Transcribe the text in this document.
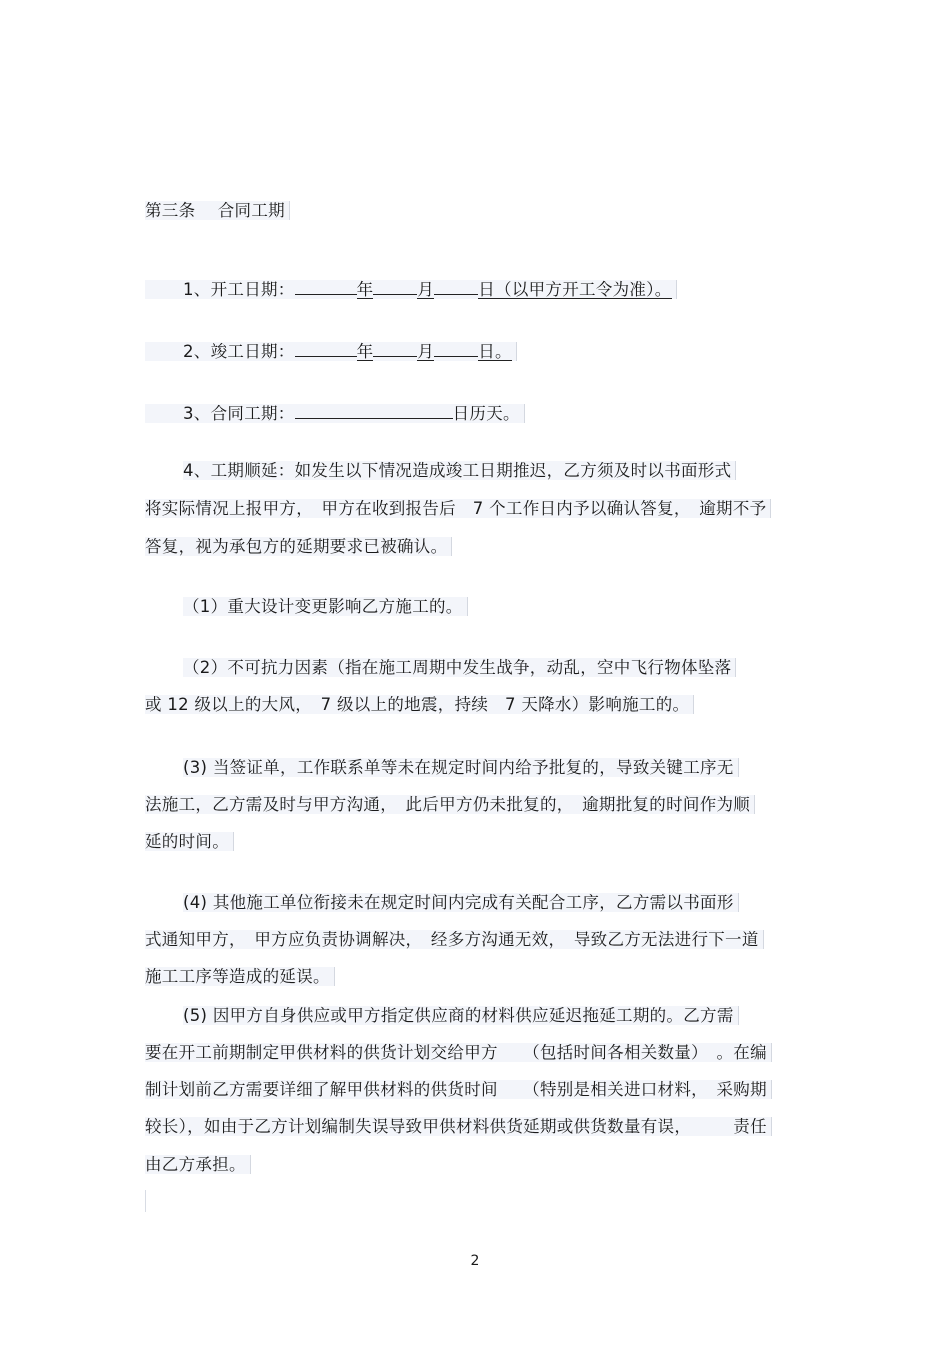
第三条　 合同工期
1、开工日期：	年	月	日（以甲方开工令为准）。
2、竣工日期：	年	月	日。
3、合同工期：	日历天。
4、工期顺延：如发生以下情况造成竣工日期推迟，乙方须及时以书面形式
将实际情况上报甲方，　甲方在收到报告后　7 个工作日内予以确认答复，　逾期不予
答复，视为承包方的延期要求已被确认。
（1）重大设计变更影响乙方施工的。
（2）不可抗力因素（指在施工周期中发生战争，动乱，空中飞行物体坠落
或 12 级以上的大风，　7 级以上的地震，持续　7 天降水）影响施工的。
(3) 当签证单，工作联系单等未在规定时间内给予批复的，导致关键工序无
法施工，乙方需及时与甲方沟通，　此后甲方仍未批复的，　逾期批复的时间作为顺
延的时间。
(4) 其他施工单位衔接未在规定时间内完成有关配合工序，乙方需以书面形
式通知甲方，　甲方应负责协调解决，　经多方沟通无效，　导致乙方无法进行下一道
施工工序等造成的延误。
(5) 因甲方自身供应或甲方指定供应商的材料供应延迟拖延工期的。乙方需
要在开工前期制定甲供材料的供货计划交给甲方　　（包括时间各相关数量）　。在编
制计划前乙方需要详细了解甲供材料的供货时间　　（特别是相关进口材料，　采购期
较长），如由于乙方计划编制失误导致甲供材料供货延期或供货数量有误，　　　责任
由乙方承担。
2
